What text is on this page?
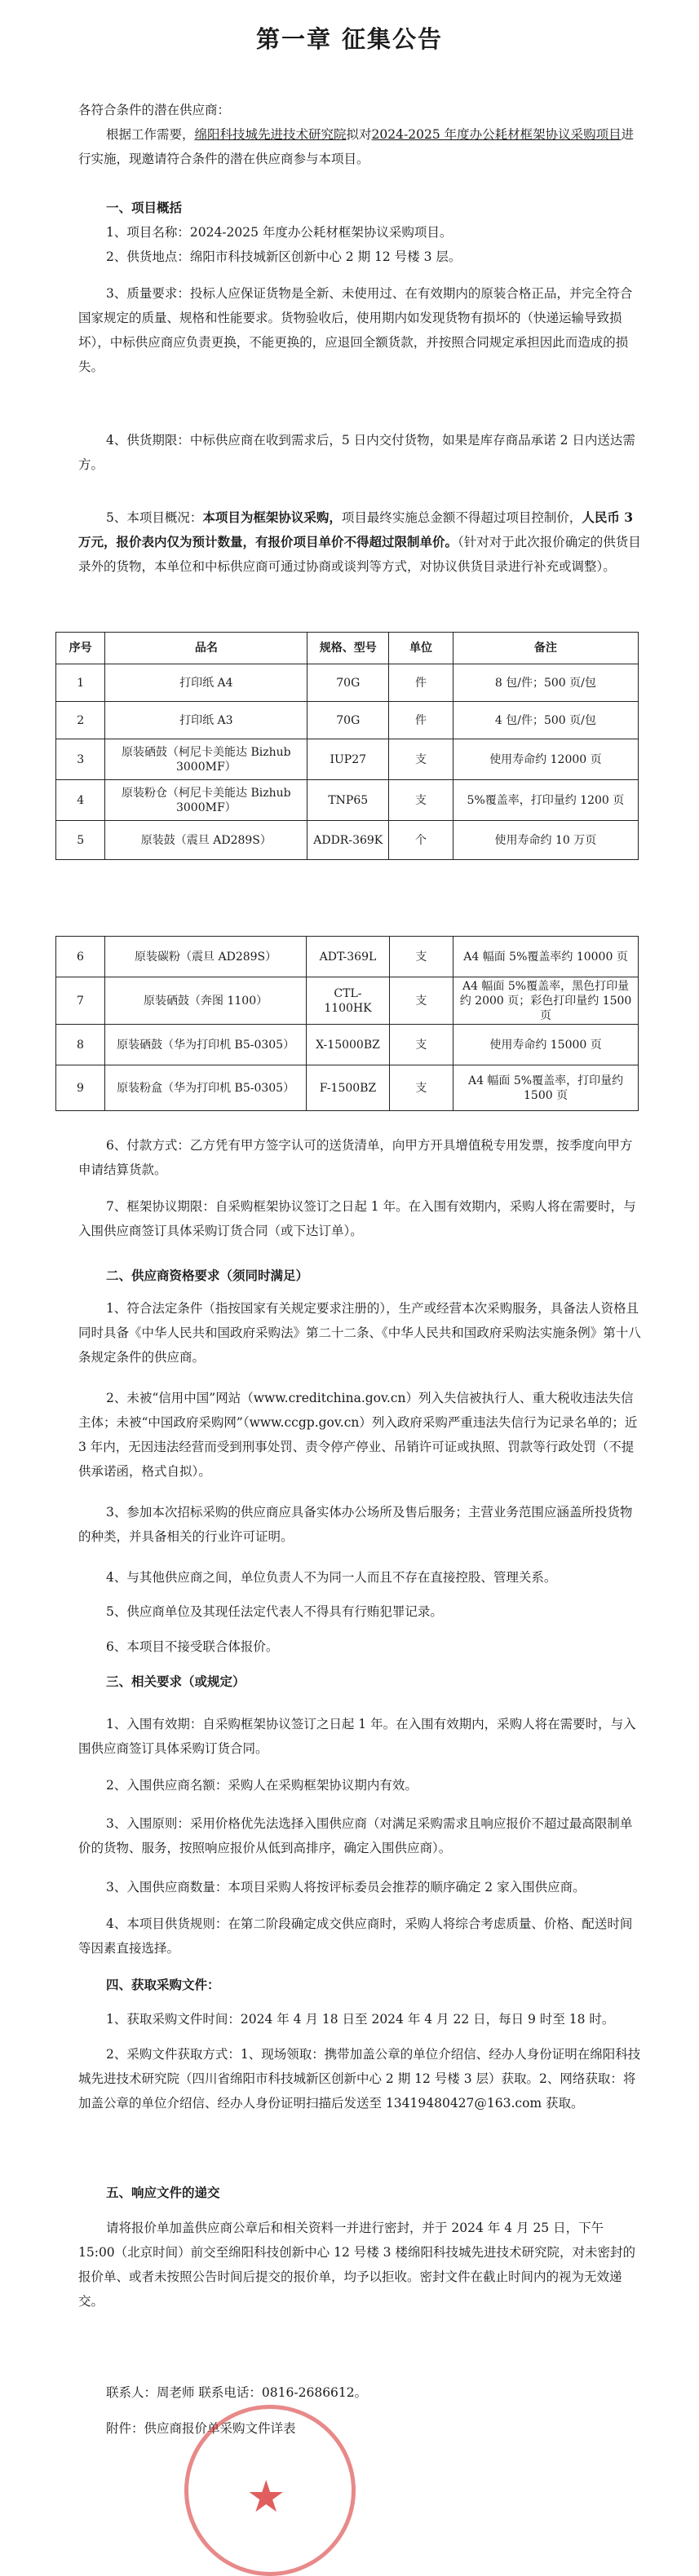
第一章 征集公告

各符合条件的潜在供应商：

根据工作需要，绵阳科技城先进技术研究院拟对2024-2025 年度办公耗材框架协议采购项目进行实施，现邀请符合条件的潜在供应商参与本项目。

一、项目概括

1、项目名称：2024-2025 年度办公耗材框架协议采购项目。

2、供货地点：绵阳市科技城新区创新中心 2 期 12 号楼 3 层。

3、质量要求：投标人应保证货物是全新、未使用过、在有效期内的原装合格正品，并完全符合国家规定的质量、规格和性能要求。货物验收后，使用期内如发现货物有损坏的（快递运输导致损坏），中标供应商应负责更换，不能更换的，应退回全额货款，并按照合同规定承担因此而造成的损失。

4、供货期限：中标供应商在收到需求后，5 日内交付货物，如果是库存商品承诺 2 日内送达需方。

5、本项目概况：本项目为框架协议采购，项目最终实施总金额不得超过项目控制价，人民币 3 万元，报价表内仅为预计数量，有报价项目单价不得超过限制单价。（针对对于此次报价确定的供货目录外的货物，本单位和中标供应商可通过协商或谈判等方式，对协议供货目录进行补充或调整）。

序号	品名	规格、型号	单位	备注
1	打印纸 A4	70G	件	8 包/件；500 页/包
2	打印纸 A3	70G	件	4 包/件；500 页/包
3	原装硒鼓（柯尼卡美能达 Bizhub 3000MF）	IUP27	支	使用寿命约 12000 页
4	原装粉仓（柯尼卡美能达 Bizhub 3000MF）	TNP65	支	5%覆盖率，打印量约 1200 页
5	原装鼓（震旦 AD289S）	ADDR-369K	个	使用寿命约 10 万页
6	原装碳粉（震旦 AD289S）	ADT-369L	支	A4 幅面 5%覆盖率约 10000 页
7	原装硒鼓（奔图 1100）	CTL-1100HK	支	A4 幅面 5%覆盖率，黑色打印量约 2000 页；彩色打印量约 1500 页
8	原装硒鼓（华为打印机 B5-0305）	X-15000BZ	支	使用寿命约 15000 页
9	原装粉盒（华为打印机 B5-0305）	F-1500BZ	支	A4 幅面 5%覆盖率，打印量约 1500 页

6、付款方式：乙方凭有甲方签字认可的送货清单，向甲方开具增值税专用发票，按季度向甲方申请结算货款。

7、框架协议期限：自采购框架协议签订之日起 1 年。在入围有效期内，采购人将在需要时，与入围供应商签订具体采购订货合同（或下达订单）。

二、供应商资格要求（须同时满足）

1、符合法定条件（指按国家有关规定要求注册的），生产或经营本次采购服务，具备法人资格且同时具备《中华人民共和国政府采购法》第二十二条、《中华人民共和国政府采购法实施条例》第十八条规定条件的供应商。

2、未被“信用中国”网站（www.creditchina.gov.cn）列入失信被执行人、重大税收违法失信主体；未被“中国政府采购网”（www.ccgp.gov.cn）列入政府采购严重违法失信行为记录名单的；近 3 年内，无因违法经营而受到刑事处罚、责令停产停业、吊销许可证或执照、罚款等行政处罚（不提供承诺函，格式自拟）。

3、参加本次招标采购的供应商应具备实体办公场所及售后服务；主营业务范围应涵盖所投货物的种类，并具备相关的行业许可证明。

4、与其他供应商之间，单位负责人不为同一人而且不存在直接控股、管理关系。

5、供应商单位及其现任法定代表人不得具有行贿犯罪记录。

6、本项目不接受联合体报价。

三、相关要求（或规定）

1、入围有效期：自采购框架协议签订之日起 1 年。在入围有效期内，采购人将在需要时，与入围供应商签订具体采购订货合同。

2、入围供应商名额：采购人在采购框架协议期内有效。

3、入围原则：采用价格优先法选择入围供应商（对满足采购需求且响应报价不超过最高限制单价的货物、服务，按照响应报价从低到高排序，确定入围供应商）。

3、入围供应商数量：本项目采购人将按评标委员会推荐的顺序确定 2 家入围供应商。

4、本项目供货规则：在第二阶段确定成交供应商时，采购人将综合考虑质量、价格、配送时间等因素直接选择。

四、获取采购文件：

1、获取采购文件时间：2024 年 4 月 18 日至 2024 年 4 月 22 日，每日 9 时至 18 时。

2、采购文件获取方式：1、现场领取：携带加盖公章的单位介绍信、经办人身份证明在绵阳科技城先进技术研究院（四川省绵阳市科技城新区创新中心 2 期 12 号楼 3 层）获取。2、网络获取：将加盖公章的单位介绍信、经办人身份证明扫描后发送至 13419480427@163.com 获取。

五、响应文件的递交

请将报价单加盖供应商公章后和相关资料一并进行密封，并于 2024 年 4 月 25 日，下午 15:00（北京时间）前交至绵阳科技创新中心 12 号楼 3 楼绵阳科技城先进技术研究院，对未密封的报价单、或者未按照公告时间后提交的报价单，均予以拒收。密封文件在截止时间内的视为无效递交。

联系人：周老师 联系电话：0816-2686612。

附件：供应商报价单采购文件详表

★
